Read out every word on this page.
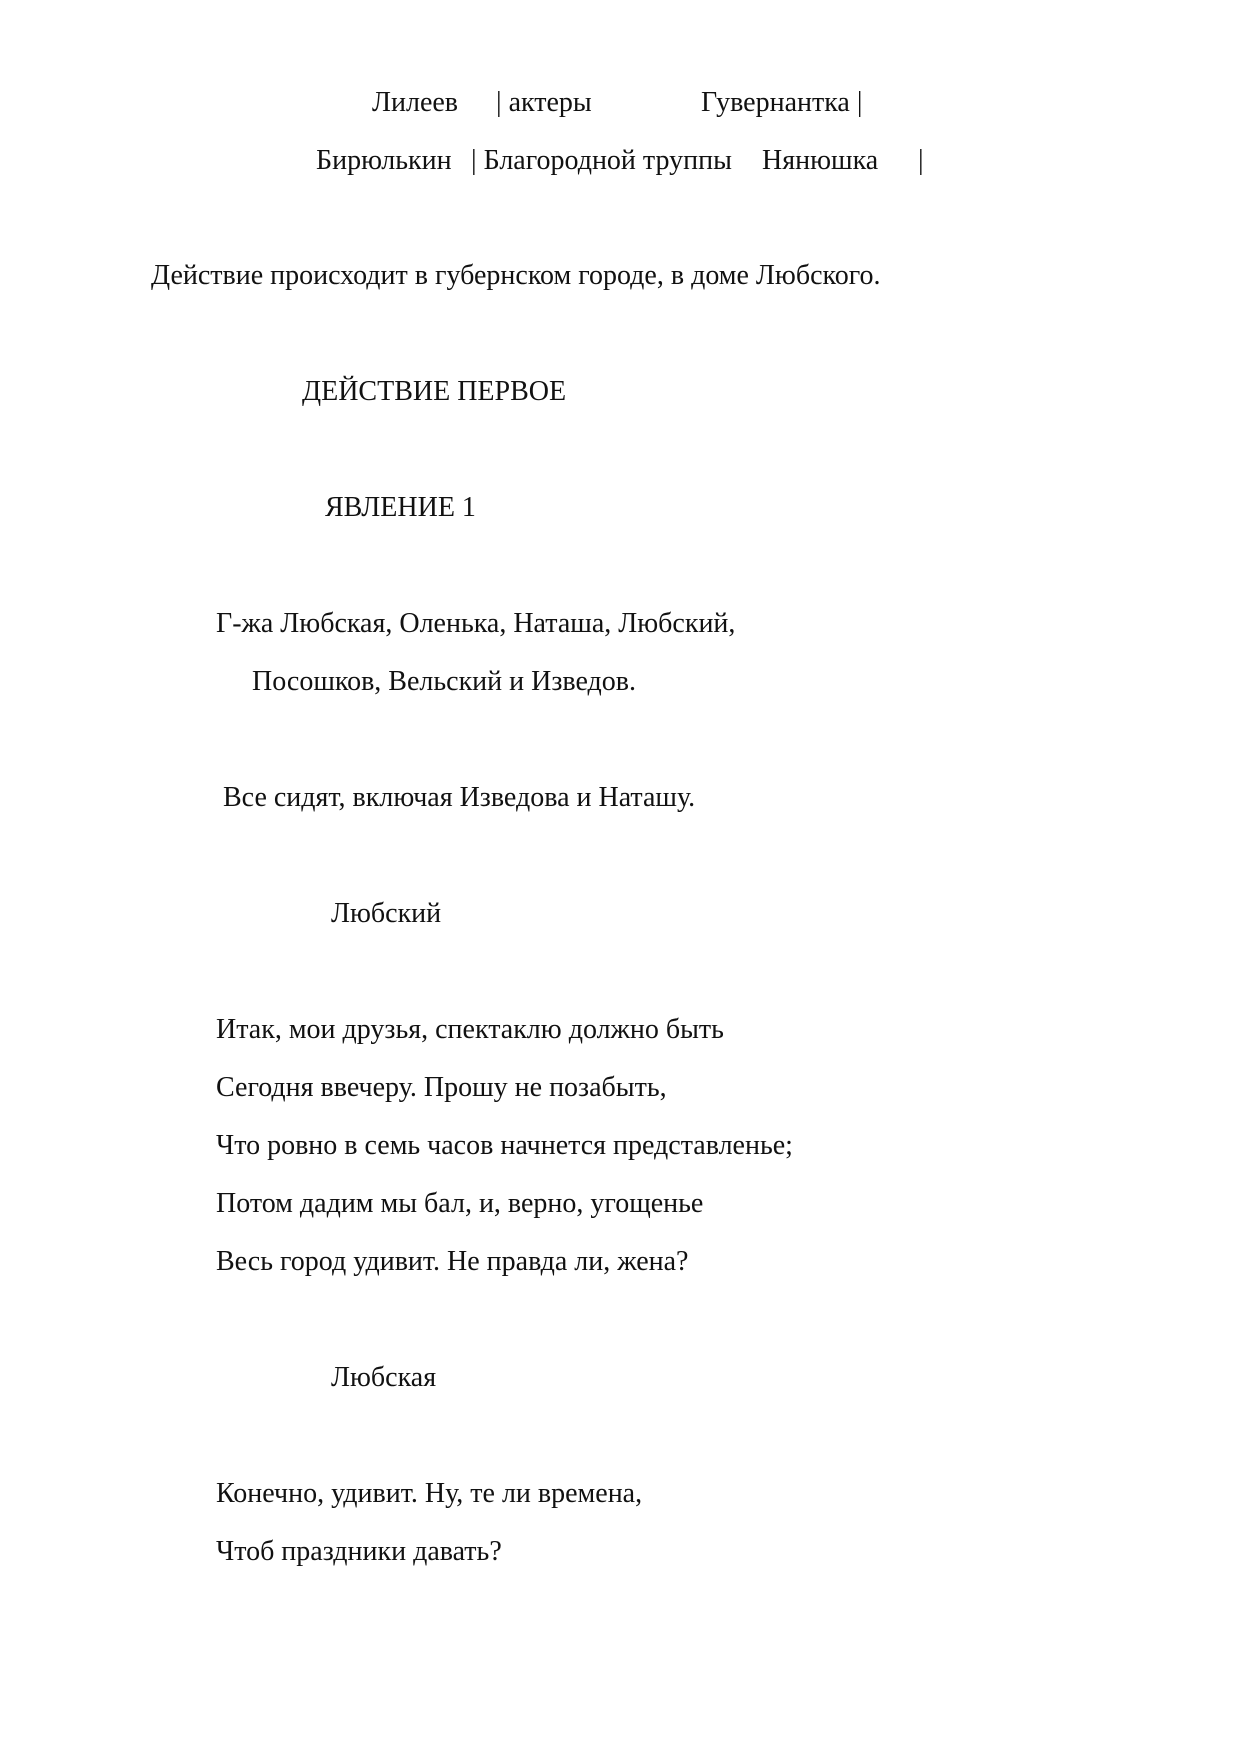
Лилеев | актеры	Гувернантка |
Бирюлькин | Благородной труппы Нянюшка |
Действие происходит в губернском городе, в доме Любского.
ДЕЙСТВИЕ ПЕРВОЕ
ЯВЛЕНИЕ 1
Г-жа Любская, Оленька, Наташа, Любский,
Посошков, Вельский и Изведов.
Все сидят, включая Изведова и Наташу.
Любский
Итак, мои друзья, спектаклю должно быть
Сегодня ввечеру. Прошу не позабыть,
Что ровно в семь часов начнется представленье;
Потом дадим мы бал, и, верно, угощенье
Весь город удивит. Не правда ли, жена?
Любская
Конечно, удивит. Ну, те ли времена,
Чтоб праздники давать?
